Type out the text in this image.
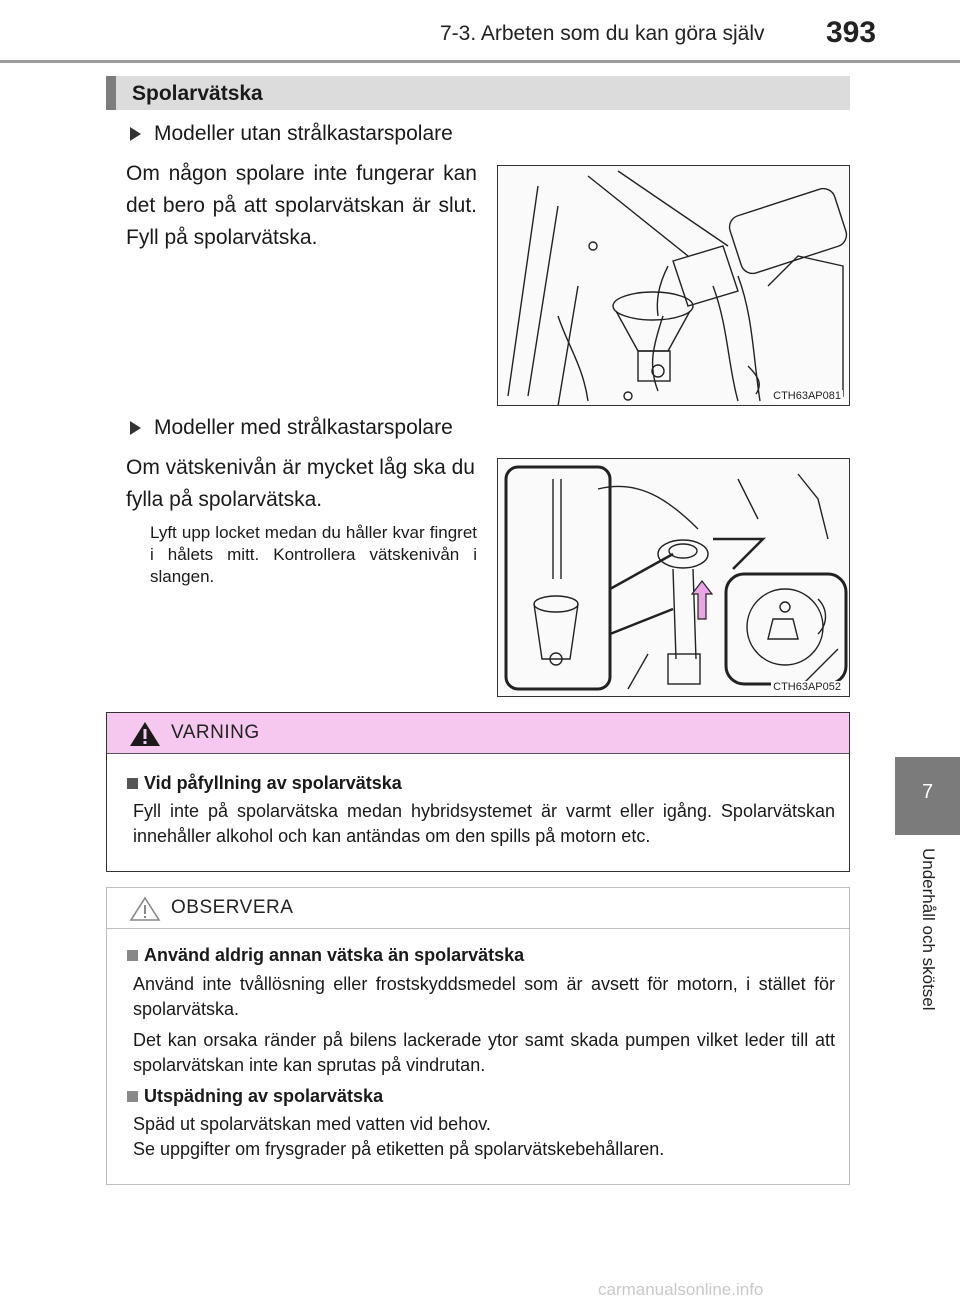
7-3. Arbeten som du kan göra själv 393
Spolarvätska
Modeller utan strålkastarspolare
Om någon spolare inte fungerar kan det bero på att spolarvätskan är slut. Fyll på spolarvätska.
CTH63AP081
Modeller med strålkastarspolare
Om vätskenivån är mycket låg ska du fylla på spolarvätska.
Lyft upp locket medan du håller kvar fingret i hålets mitt. Kontrollera vätskenivån i slangen.
CTH63AP052
VARNING
Vid påfyllning av spolarvätska
Fyll inte på spolarvätska medan hybridsystemet är varmt eller igång. Spolarvätskan innehåller alkohol och kan antändas om den spills på motorn etc.
OBSERVERA
Använd aldrig annan vätska än spolarvätska
Använd inte tvållösning eller frostskyddsmedel som är avsett för motorn, i stället för spolarvätska.
Det kan orsaka ränder på bilens lackerade ytor samt skada pumpen vilket leder till att spolarvätskan inte kan sprutas på vindrutan.
Utspädning av spolarvätska
Späd ut spolarvätskan med vatten vid behov.
Se uppgifter om frysgrader på etiketten på spolarvätskebehållaren.
7
Underhåll och skötsel
carmanualsonline.info
